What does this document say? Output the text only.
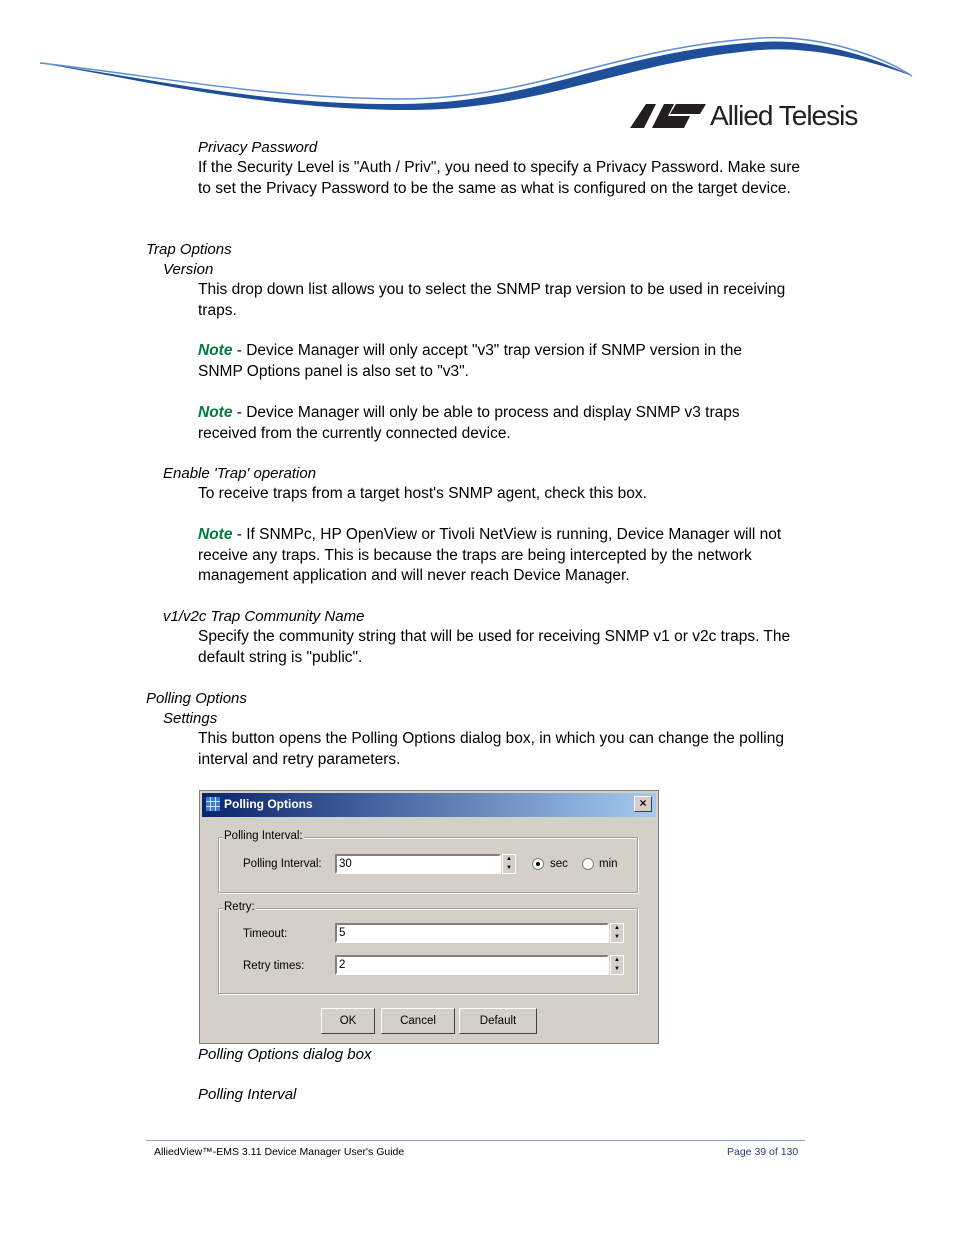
Allied Telesis
Privacy Password
If the Security Level is "Auth / Priv", you need to specify a Privacy Password. Make sure to set the Privacy Password to be the same as what is configured on the target device.
Trap Options
Version
This drop down list allows you to select the SNMP trap version to be used in receiving traps.
Note - Device Manager will only accept "v3" trap version if SNMP version in the SNMP Options panel is also set to "v3".
Note - Device Manager will only be able to process and display SNMP v3 traps received from the currently connected device.
Enable 'Trap' operation
To receive traps from a target host's SNMP agent, check this box.
Note - If SNMPc, HP OpenView or Tivoli NetView is running, Device Manager will not receive any traps. This is because the traps are being intercepted by the network management application and will never reach Device Manager.
v1/v2c Trap Community Name
Specify the community string that will be used for receiving SNMP v1 or v2c traps. The default string is "public".
Polling Options
Settings
This button opens the Polling Options dialog box, in which you can change the polling interval and retry parameters.
Polling Options	×
Polling Interval:
Polling Interval:	30	▲
▼	sec	min
Retry:
Timeout:	5	▲
▼
Retry times:	2	▲
▼
OK	Cancel	Default
Polling Options dialog box
Polling Interval
AlliedView™-EMS 3.11 Device Manager User's Guide	Page 39 of 130
